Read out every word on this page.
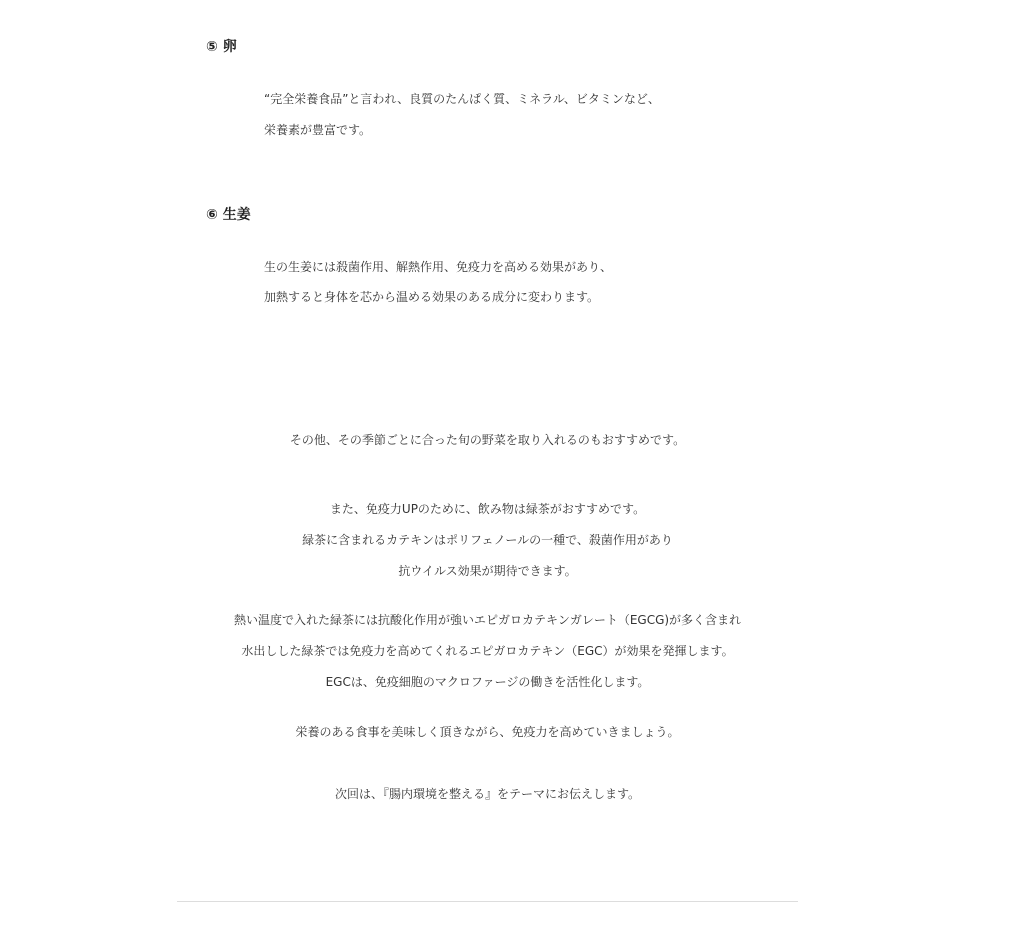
⑤ 卵

“完全栄養食品”と言われ、良質のたんぱく質、ミネラル、ビタミンなど、

栄養素が豊富です。

⑥ 生姜

生の生姜には殺菌作用、解熱作用、免疫力を高める効果があり、

加熱すると身体を芯から温める効果のある成分に変わります。

その他、その季節ごとに合った旬の野菜を取り入れるのもおすすめです。

また、免疫力UPのために、飲み物は緑茶がおすすめです。

緑茶に含まれるカテキンはポリフェノールの一種で、殺菌作用があり

抗ウイルス効果が期待できます。

熱い温度で入れた緑茶には抗酸化作用が強いエピガロカテキンガレート（EGCG)が多く含まれ

水出しした緑茶では免疫力を高めてくれるエピガロカテキン（EGC）が効果を発揮します。

EGCは、免疫細胞のマクロファージの働きを活性化します。

栄養のある食事を美味しく頂きながら、免疫力を高めていきましょう。

次回は、『腸内環境を整える』をテーマにお伝えします。
